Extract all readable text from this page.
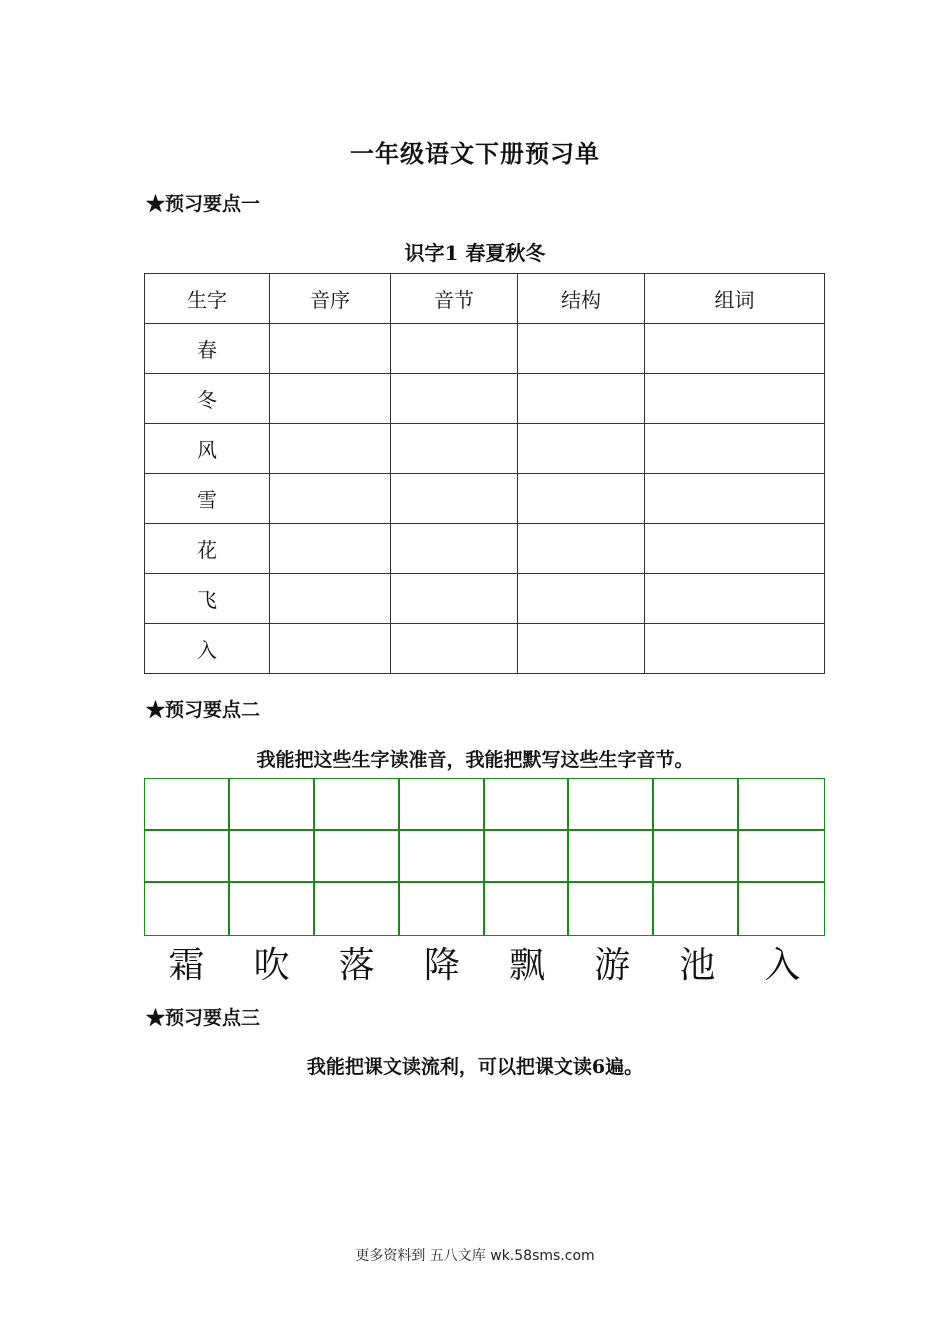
一年级语文下册预习单
★预习要点一
识字1 春夏秋冬
生字	音序	音节	结构	组词
春				
冬				
风				
雪				
花				
飞				
入				
★预习要点二
我能把这些生字读准音，我能把默写这些生字音节。
霜	吹	落	降	飘	游	池	入
★预习要点三
我能把课文读流利，可以把课文读6遍。
更多资料到 五八文库 wk.58sms.com
